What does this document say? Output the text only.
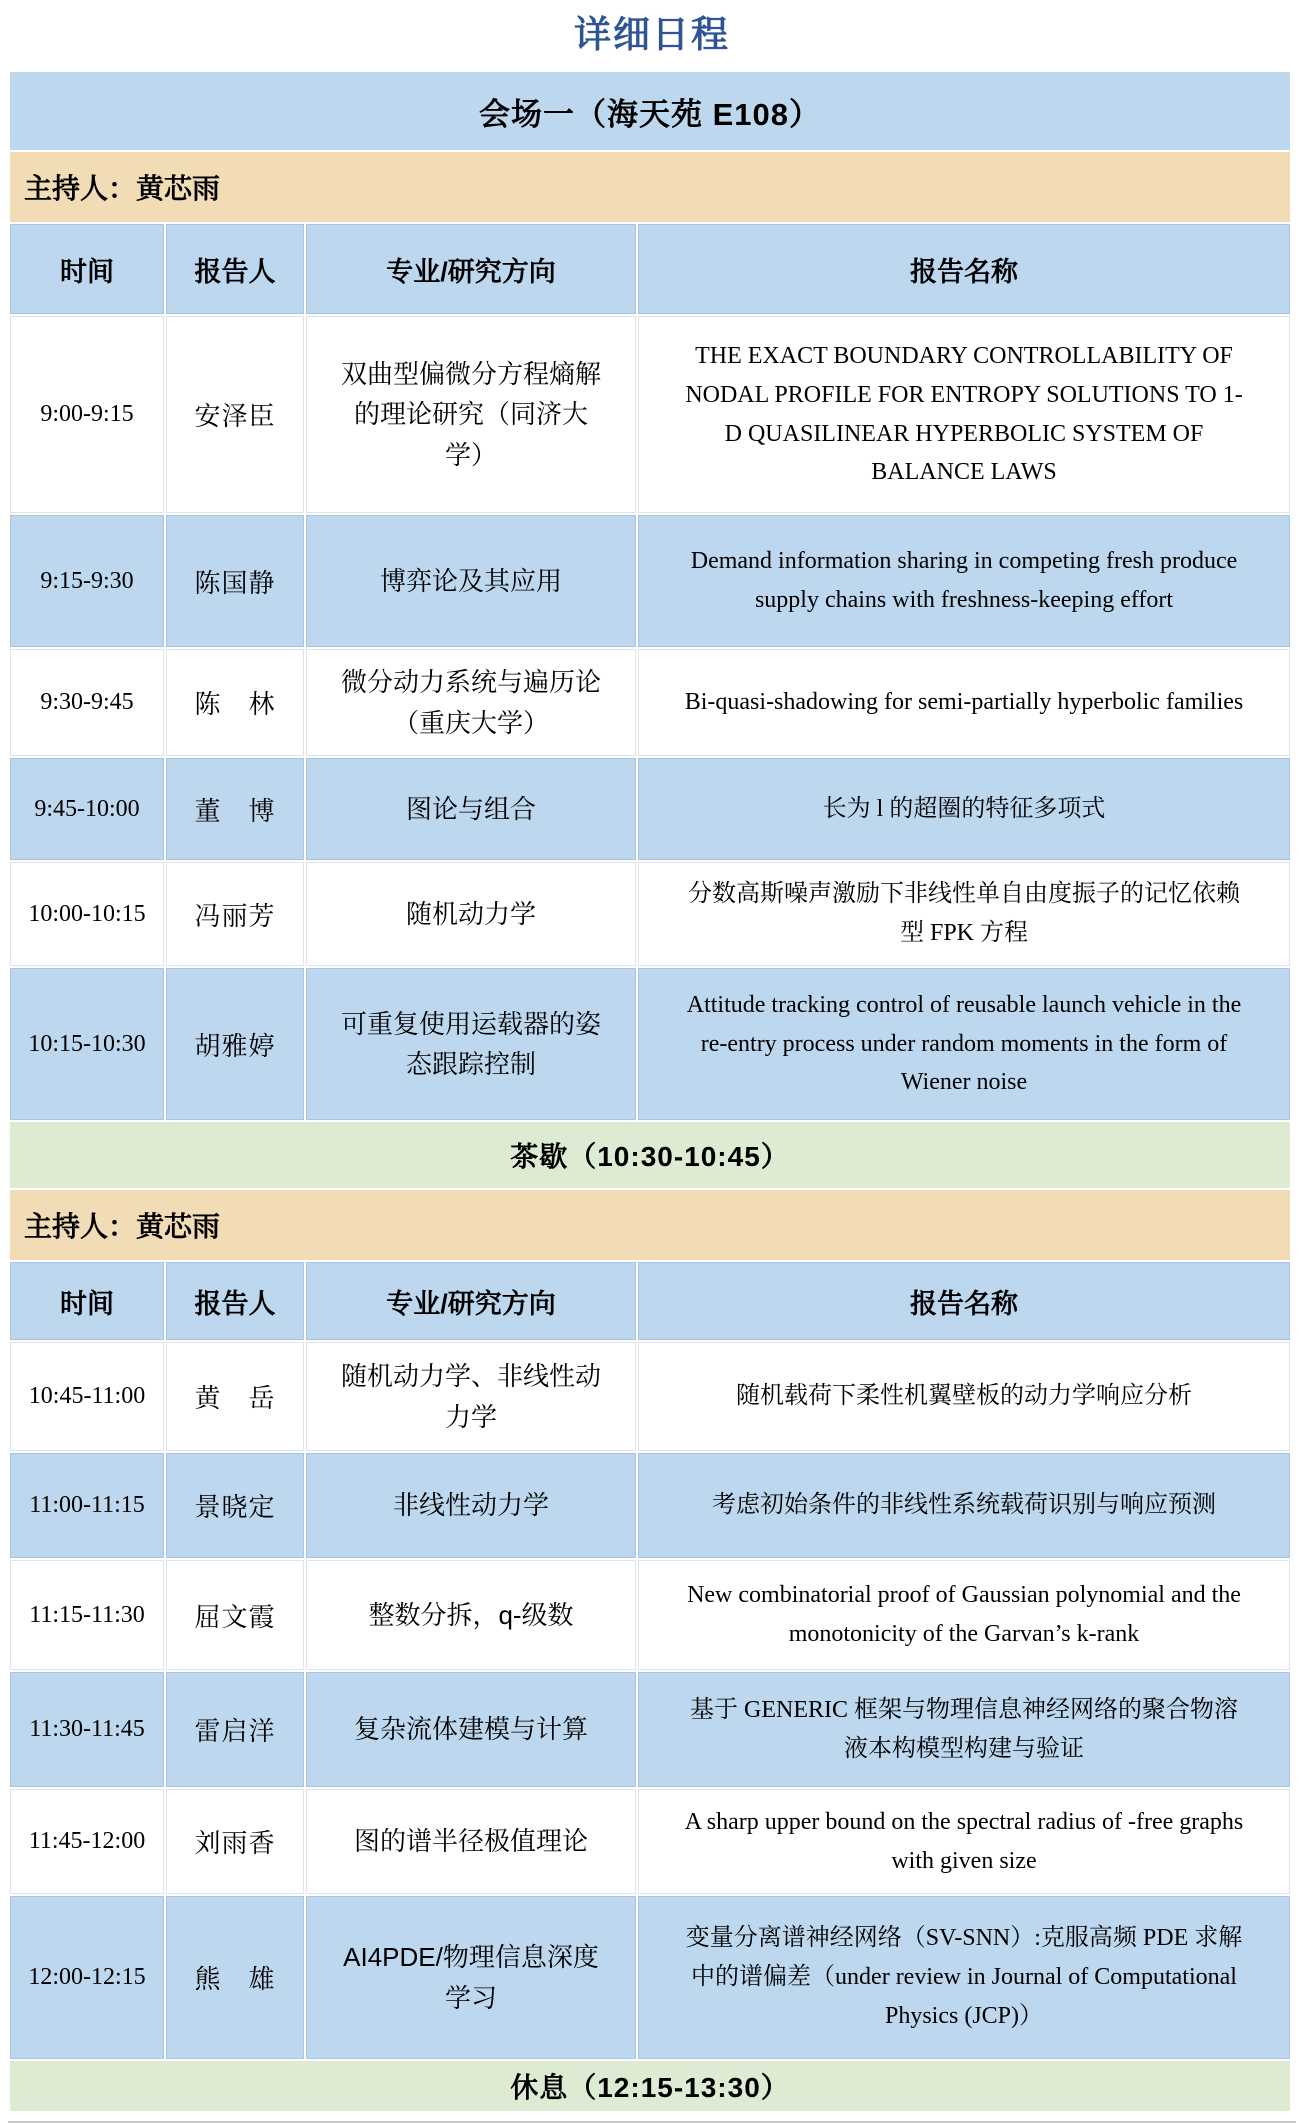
详细日程
会场一（海天苑 E108）			
主持人：黄芯雨			
时间	报告人	专业/研究方向	报告名称
9:00-9:15	安泽臣	双曲型偏微分方程熵解的理论研究（同济大学）	THE EXACT BOUNDARY CONTROLLABILITY OF NODAL PROFILE FOR ENTROPY SOLUTIONS TO 1-D QUASILINEAR HYPERBOLIC SYSTEM OF BALANCE LAWS
9:15-9:30	陈国静	博弈论及其应用	Demand information sharing in competing fresh produce supply chains with freshness-keeping effort
9:30-9:45	陈　林	微分动力系统与遍历论（重庆大学）	Bi-quasi-shadowing for semi-partially hyperbolic families
9:45-10:00	董　博	图论与组合	长为 l 的超圈的特征多项式
10:00-10:15	冯丽芳	随机动力学	分数高斯噪声激励下非线性单自由度振子的记忆依赖型 FPK 方程
10:15-10:30	胡雅婷	可重复使用运载器的姿态跟踪控制	Attitude tracking control of reusable launch vehicle in the re-entry process under random moments in the form of Wiener noise
茶歇（10:30-10:45）			
主持人：黄芯雨			
时间	报告人	专业/研究方向	报告名称
10:45-11:00	黄　岳	随机动力学、非线性动力学	随机载荷下柔性机翼壁板的动力学响应分析
11:00-11:15	景晓定	非线性动力学	考虑初始条件的非线性系统载荷识别与响应预测
11:15-11:30	屈文霞	整数分拆，q-级数	New combinatorial proof of Gaussian polynomial and the monotonicity of the Garvan’s k-rank
11:30-11:45	雷启洋	复杂流体建模与计算	基于 GENERIC 框架与物理信息神经网络的聚合物溶液本构模型构建与验证
11:45-12:00	刘雨香	图的谱半径极值理论	A sharp upper bound on the spectral radius of -free graphs with given size
12:00-12:15	熊　雄	AI4PDE/物理信息深度学习	变量分离谱神经网络（SV-SNN）:克服高频 PDE 求解中的谱偏差（under review in Journal of Computational Physics (JCP)）
休息（12:15-13:30）			
